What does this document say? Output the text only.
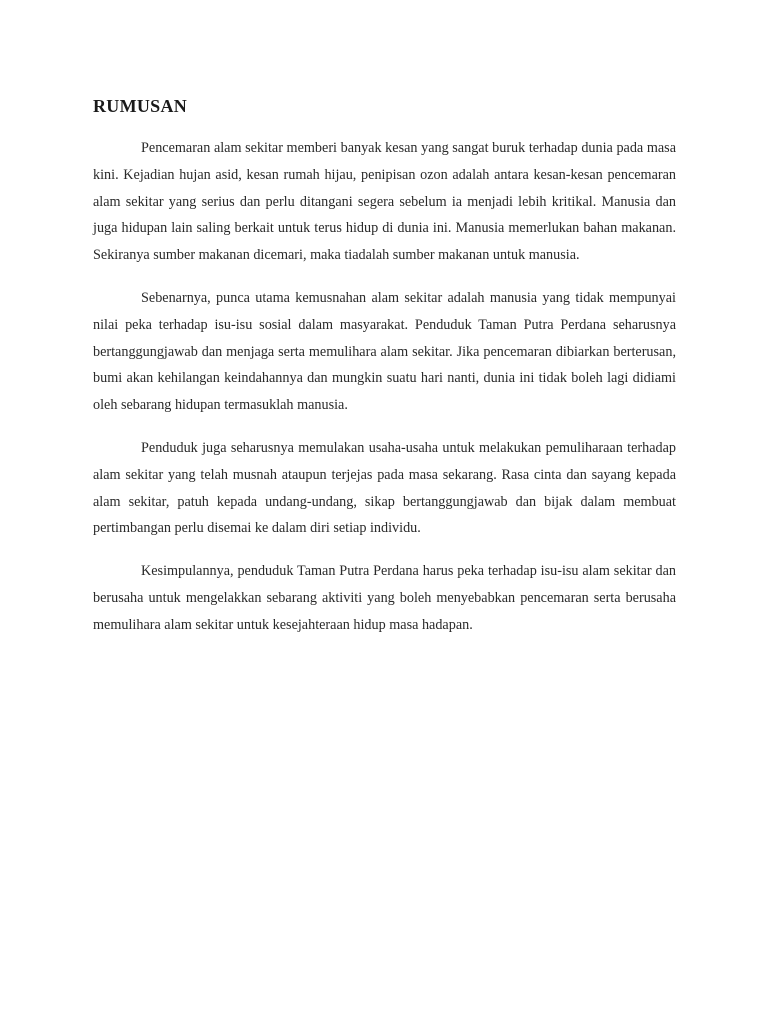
RUMUSAN

Pencemaran alam sekitar memberi banyak kesan yang sangat buruk terhadap dunia pada masa kini. Kejadian hujan asid, kesan rumah hijau, penipisan ozon adalah antara kesan-kesan pencemaran alam sekitar yang serius dan perlu ditangani segera sebelum ia menjadi lebih kritikal. Manusia dan juga hidupan lain saling berkait untuk terus hidup di dunia ini. Manusia memerlukan bahan makanan. Sekiranya sumber makanan dicemari, maka tiadalah sumber makanan untuk manusia.

Sebenarnya, punca utama kemusnahan alam sekitar adalah manusia yang tidak mempunyai nilai peka terhadap isu-isu sosial dalam masyarakat. Penduduk Taman Putra Perdana seharusnya bertanggungjawab dan menjaga serta memulihara alam sekitar. Jika pencemaran dibiarkan berterusan, bumi akan kehilangan keindahannya dan mungkin suatu hari nanti, dunia ini tidak boleh lagi didiami oleh sebarang hidupan termasuklah manusia.

Penduduk juga seharusnya memulakan usaha-usaha untuk melakukan pemuliharaan terhadap alam sekitar yang telah musnah ataupun terjejas pada masa sekarang. Rasa cinta dan sayang kepada alam sekitar, patuh kepada undang-undang, sikap bertanggungjawab dan bijak dalam membuat pertimbangan perlu disemai ke dalam diri setiap individu.

Kesimpulannya, penduduk Taman Putra Perdana harus peka terhadap isu-isu alam sekitar dan berusaha untuk mengelakkan sebarang aktiviti yang boleh menyebabkan pencemaran serta berusaha memulihara alam sekitar untuk kesejahteraan hidup masa hadapan.
